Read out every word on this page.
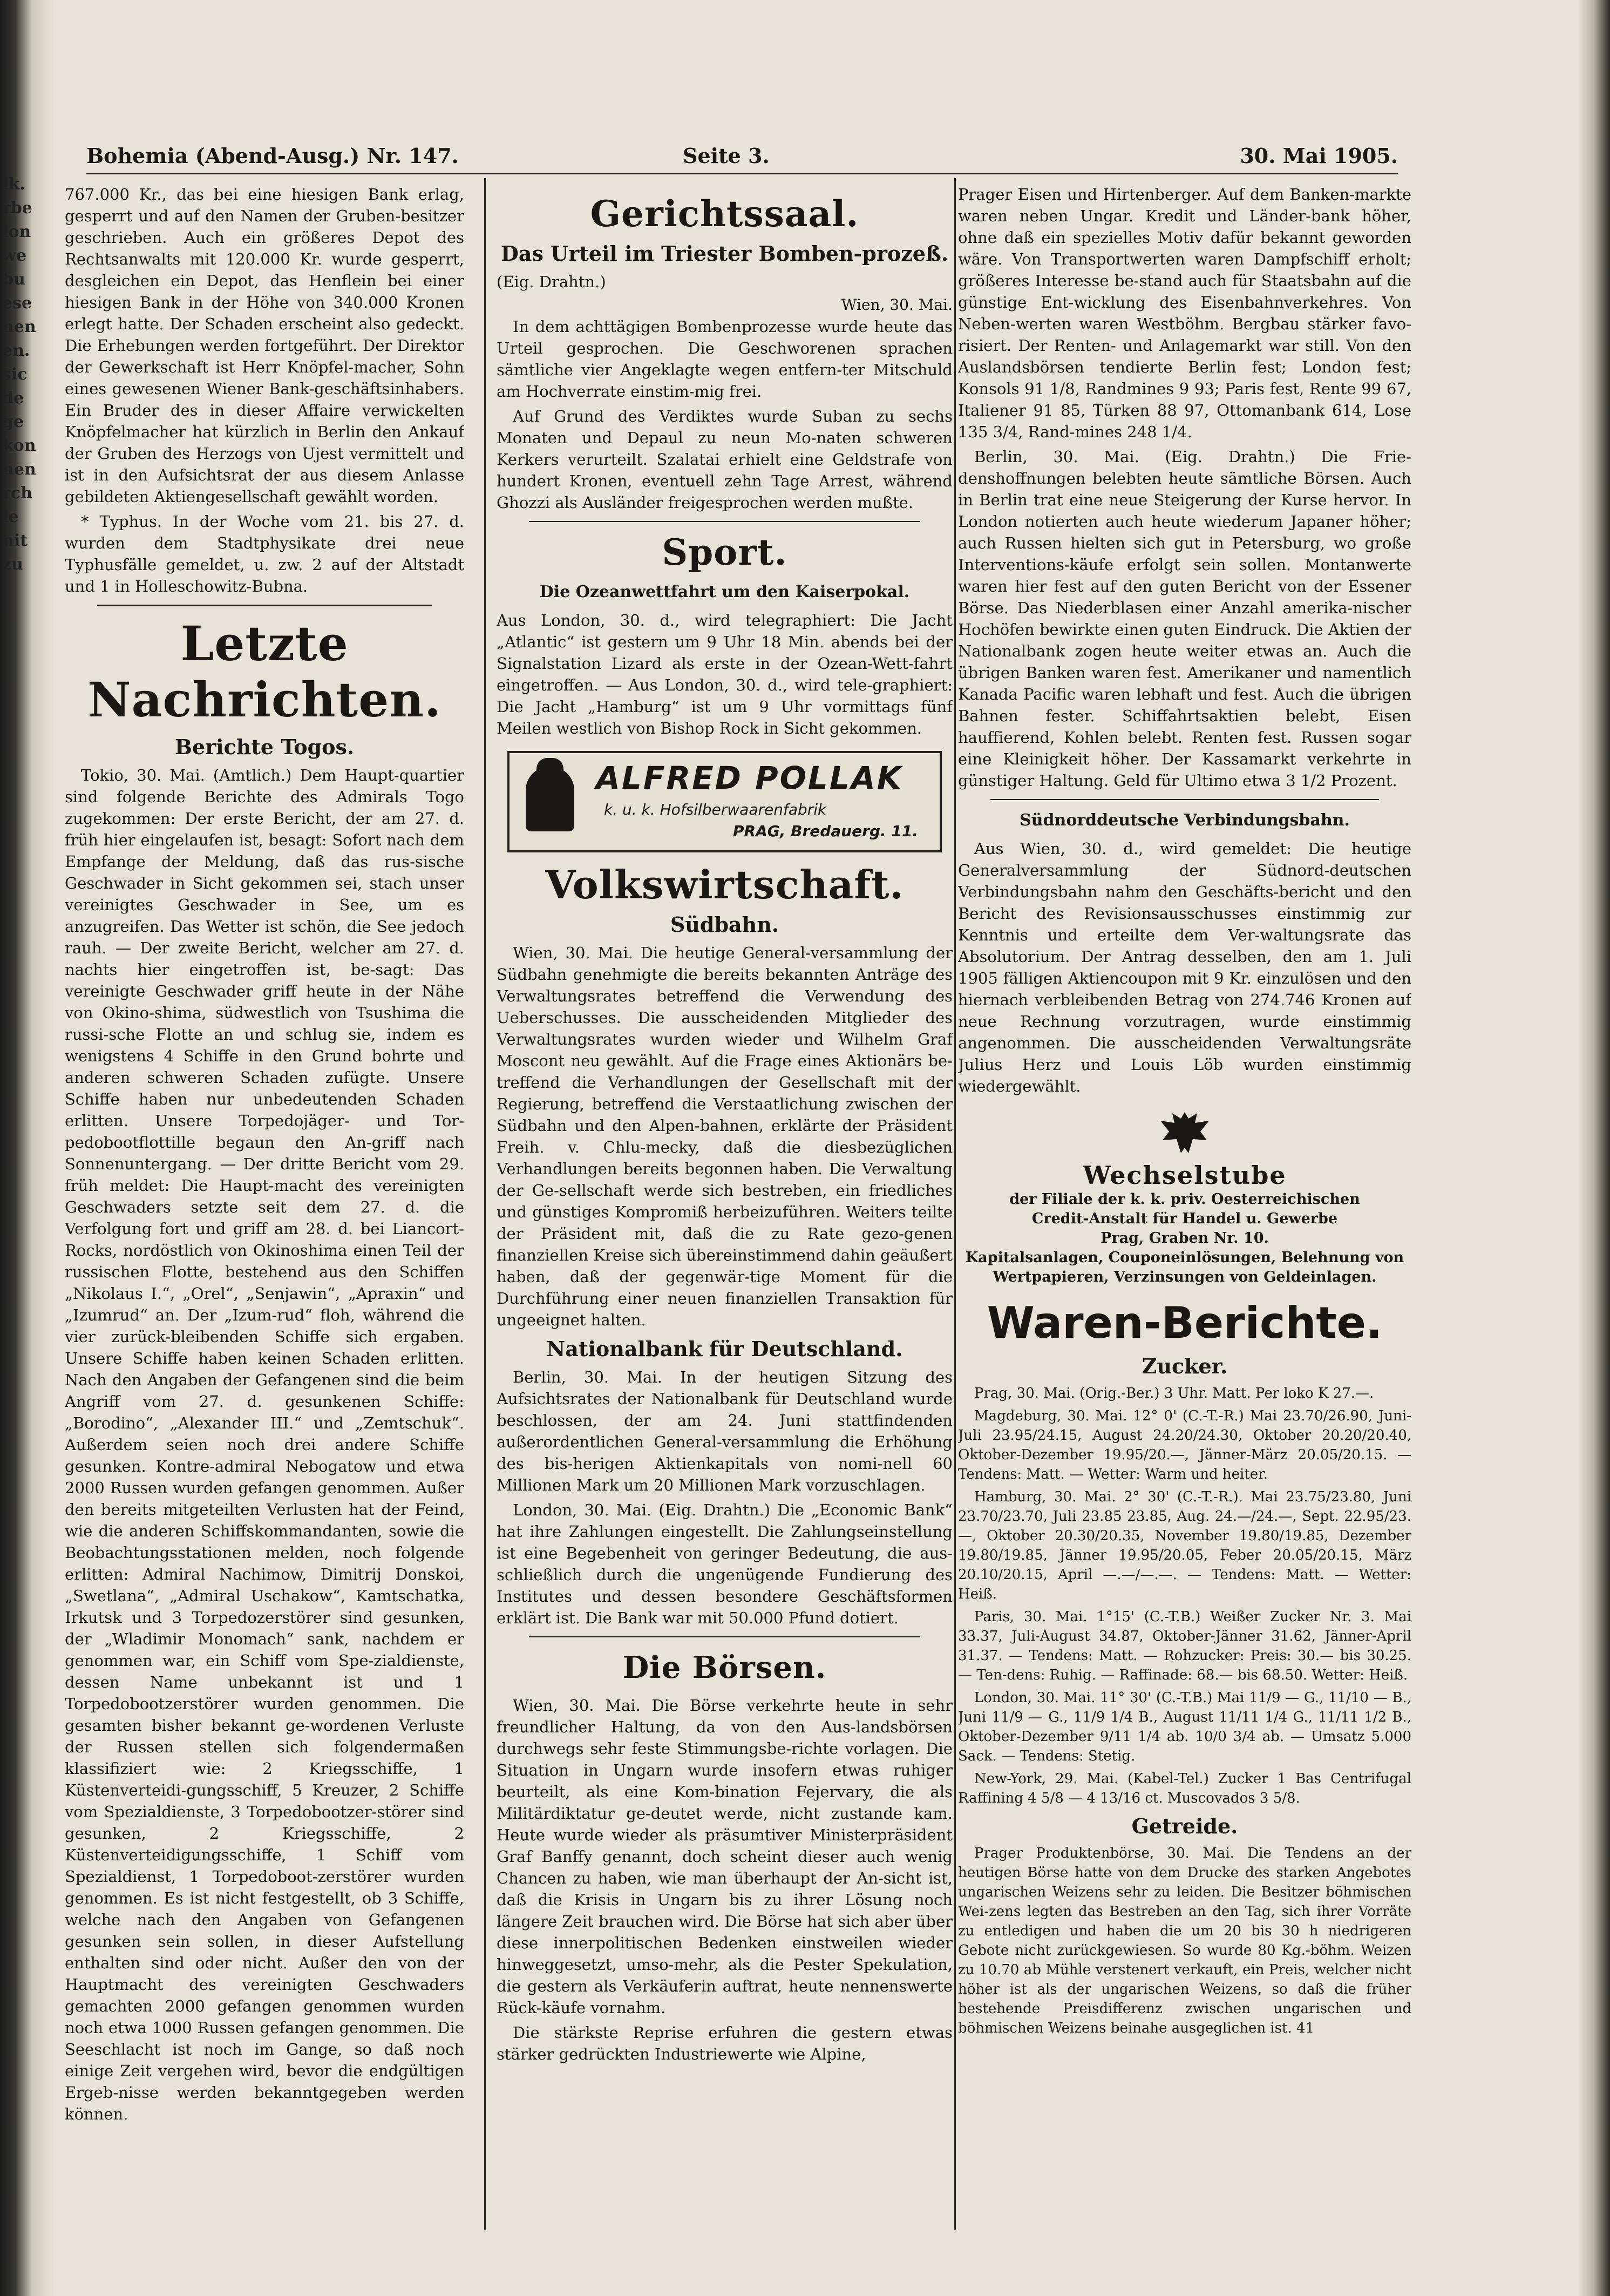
ik.
rbe
ion
we
bu
ese
nen
en.
sic
de
ge
kon
nen
rch
ie
nit
zu
Bohemia (Abend-Ausg.) Nr. 147.	Seite 3.	30. Mai 1905.

767.000 Kr., das bei eine hiesigen Bank erlag, gesperrt und auf den Namen der Gruben-besitzer geschrieben. Auch ein größeres Depot des Rechtsanwalts mit 120.000 Kr. wurde gesperrt, desgleichen ein Depot, das Henflein bei einer hiesigen Bank in der Höhe von 340.000 Kronen erlegt hatte. Der Schaden erscheint also gedeckt. Die Erhebungen werden fortgeführt. Der Direktor der Gewerkschaft ist Herr Knöpfel-macher, Sohn eines gewesenen Wiener Bank-geschäftsinhabers. Ein Bruder des in dieser Affaire verwickelten Knöpfelmacher hat kürzlich in Berlin den Ankauf der Gruben des Herzogs von Ujest vermittelt und ist in den Aufsichtsrat der aus diesem Anlasse gebildeten Aktiengesellschaft gewählt worden.

* Typhus. In der Woche vom 21. bis 27. d. wurden dem Stadtphysikate drei neue Typhusfälle gemeldet, u. zw. 2 auf der Altstadt und 1 in Holleschowitz-Bubna.

Letzte Nachrichten.
Berichte Togos.

Tokio, 30. Mai. (Amtlich.) Dem Haupt-quartier sind folgende Berichte des Admirals Togo zugekommen: Der erste Bericht, der am 27. d. früh hier eingelaufen ist, besagt: Sofort nach dem Empfange der Meldung, daß das rus-sische Geschwader in Sicht gekommen sei, stach unser vereinigtes Geschwader in See, um es anzugreifen. Das Wetter ist schön, die See jedoch rauh. — Der zweite Bericht, welcher am 27. d. nachts hier eingetroffen ist, be-sagt: Das vereinigte Geschwader griff heute in der Nähe von Okino-shima, südwestlich von Tsushima die russi-sche Flotte an und schlug sie, indem es wenigstens 4 Schiffe in den Grund bohrte und anderen schweren Schaden zufügte. Unsere Schiffe haben nur unbedeutenden Schaden erlitten. Unsere Torpedojäger- und Tor-pedobootflottille begaun den An-griff nach Sonnenuntergang. — Der dritte Bericht vom 29. früh meldet: Die Haupt-macht des vereinigten Geschwaders setzte seit dem 27. d. die Verfolgung fort und griff am 28. d. bei Liancort-Rocks, nordöstlich von Okinoshima einen Teil der russischen Flotte, bestehend aus den Schiffen „Nikolaus I.“, „Orel“, „Senjawin“, „Apraxin“ und „Izumrud“ an. Der „Izum-rud“ floh, während die vier zurück-bleibenden Schiffe sich ergaben. Unsere Schiffe haben keinen Schaden erlitten. Nach den Angaben der Gefangenen sind die beim Angriff vom 27. d. gesunkenen Schiffe: „Borodino“, „Alexander III.“ und „Zemtschuk“. Außerdem seien noch drei andere Schiffe gesunken. Kontre-admiral Nebogatow und etwa 2000 Russen wurden gefangen genommen. Außer den bereits mitgeteilten Verlusten hat der Feind, wie die anderen Schiffskommandanten, sowie die Beobachtungsstationen melden, noch folgende erlitten: Admiral Nachimow, Dimitrij Donskoi, „Swetlana“, „Admiral Uschakow“, Kamtschatka, Irkutsk und 3 Torpedozerstörer sind gesunken, der „Wladimir Monomach“ sank, nachdem er genommen war, ein Schiff vom Spe-zialdienste, dessen Name unbekannt ist und 1 Torpedobootzerstörer wurden genommen. Die gesamten bisher bekannt ge-wordenen Verluste der Russen stellen sich folgendermaßen klassifiziert wie: 2 Kriegsschiffe, 1 Küstenverteidi-gungsschiff, 5 Kreuzer, 2 Schiffe vom Spezialdienste, 3 Torpedobootzer-störer sind gesunken, 2 Kriegsschiffe, 2 Küstenverteidigungsschiffe, 1 Schiff vom Spezialdienst, 1 Torpedoboot-zerstörer wurden genommen. Es ist nicht festgestellt, ob 3 Schiffe, welche nach den Angaben von Gefangenen gesunken sein sollen, in dieser Aufstellung enthalten sind oder nicht. Außer den von der Hauptmacht des vereinigten Geschwaders gemachten 2000 gefangen genommen wurden noch etwa 1000 Russen gefangen genommen. Die Seeschlacht ist noch im Gange, so daß noch einige Zeit vergehen wird, bevor die endgültigen Ergeb-nisse werden bekanntgegeben werden können.

Gerichtssaal.
Das Urteil im Triester Bomben-prozeß.

(Eig. Drahtn.)

Wien, 30. Mai.

In dem achttägigen Bombenprozesse wurde heute das Urteil gesprochen. Die Geschworenen sprachen sämtliche vier Angeklagte wegen entfern-ter Mitschuld am Hochverrate einstim-mig frei.

Auf Grund des Verdiktes wurde Suban zu sechs Monaten und Depaul zu neun Mo-naten schweren Kerkers verurteilt. Szalatai erhielt eine Geldstrafe von hundert Kronen, eventuell zehn Tage Arrest, während Ghozzi als Ausländer freigesprochen werden mußte.

Sport.
Die Ozeanwettfahrt um den Kaiserpokal.

Aus London, 30. d., wird telegraphiert: Die Jacht „Atlantic“ ist gestern um 9 Uhr 18 Min. abends bei der Signalstation Lizard als erste in der Ozean-Wett-fahrt eingetroffen. — Aus London, 30. d., wird tele-graphiert: Die Jacht „Hamburg“ ist um 9 Uhr vormittags fünf Meilen westlich von Bishop Rock in Sicht gekommen.

ALFRED POLLAK
k. u. k. Hofsilberwaarenfabrik
PRAG, Bredauerg. 11.
Volkswirtschaft.
Südbahn.

Wien, 30. Mai. Die heutige General-versammlung der Südbahn genehmigte die bereits bekannten Anträge des Verwaltungsrates betreffend die Verwendung des Ueberschusses. Die ausscheidenden Mitglieder des Verwaltungsrates wurden wieder und Wilhelm Graf Moscont neu gewählt. Auf die Frage eines Aktionärs be-treffend die Verhandlungen der Gesellschaft mit der Regierung, betreffend die Verstaatlichung zwischen der Südbahn und den Alpen-bahnen, erklärte der Präsident Freih. v. Chlu-mecky, daß die diesbezüglichen Verhandlungen bereits begonnen haben. Die Verwaltung der Ge-sellschaft werde sich bestreben, ein friedliches und günstiges Kompromiß herbeizuführen. Weiters teilte der Präsident mit, daß die zu Rate gezo-genen finanziellen Kreise sich übereinstimmend dahin geäußert haben, daß der gegenwär-tige Moment für die Durchführung einer neuen finanziellen Transaktion für ungeeignet halten.

Nationalbank für Deutschland.

Berlin, 30. Mai. In der heutigen Sitzung des Aufsichtsrates der Nationalbank für Deutschland wurde beschlossen, der am 24. Juni stattfindenden außerordentlichen General-versammlung die Erhöhung des bis-herigen Aktienkapitals von nomi-nell 60 Millionen Mark um 20 Millionen Mark vorzuschlagen.

London, 30. Mai. (Eig. Drahtn.) Die „Economic Bank“ hat ihre Zahlungen eingestellt. Die Zahlungseinstellung ist eine Begebenheit von geringer Bedeutung, die aus-schließlich durch die ungenügende Fundierung des Institutes und dessen besondere Geschäftsformen erklärt ist. Die Bank war mit 50.000 Pfund dotiert.

Die Börsen.

Wien, 30. Mai. Die Börse verkehrte heute in sehr freundlicher Haltung, da von den Aus-landsbörsen durchwegs sehr feste Stimmungsbe-richte vorlagen. Die Situation in Ungarn wurde insofern etwas ruhiger beurteilt, als eine Kom-bination Fejervary, die als Militärdiktatur ge-deutet werde, nicht zustande kam. Heute wurde wieder als präsumtiver Ministerpräsident Graf Banffy genannt, doch scheint dieser auch wenig Chancen zu haben, wie man überhaupt der An-sicht ist, daß die Krisis in Ungarn bis zu ihrer Lösung noch längere Zeit brauchen wird. Die Börse hat sich aber über diese innerpolitischen Bedenken einstweilen wieder hinweggesetzt, umso-mehr, als die Pester Spekulation, die gestern als Verkäuferin auftrat, heute nennenswerte Rück-käufe vornahm.

Die stärkste Reprise erfuhren die gestern etwas stärker gedrückten Industriewerte wie Alpine,

Prager Eisen und Hirtenberger. Auf dem Banken-markte waren neben Ungar. Kredit und Länder-bank höher, ohne daß ein spezielles Motiv dafür bekannt geworden wäre. Von Transportwerten waren Dampfschiff erholt; größeres Interesse be-stand auch für Staatsbahn auf die günstige Ent-wicklung des Eisenbahnverkehres. Von Neben-werten waren Westböhm. Bergbau stärker favo-risiert. Der Renten- und Anlagemarkt war still. Von den Auslandsbörsen tendierte Berlin fest; London fest; Konsols 91 1/8, Randmines 9 93; Paris fest, Rente 99 67, Italiener 91 85, Türken 88 97, Ottomanbank 614, Lose 135 3/4, Rand-mines 248 1/4.

Berlin, 30. Mai. (Eig. Drahtn.) Die Frie-denshoffnungen belebten heute sämtliche Börsen. Auch in Berlin trat eine neue Steigerung der Kurse hervor. In London notierten auch heute wiederum Japaner höher; auch Russen hielten sich gut in Petersburg, wo große Interventions-käufe erfolgt sein sollen. Montanwerte waren hier fest auf den guten Bericht von der Essener Börse. Das Niederblasen einer Anzahl amerika-nischer Hochöfen bewirkte einen guten Eindruck. Die Aktien der Nationalbank zogen heute weiter etwas an. Auch die übrigen Banken waren fest. Amerikaner und namentlich Kanada Pacific waren lebhaft und fest. Auch die übrigen Bahnen fester. Schiffahrtsaktien belebt, Eisen hauffierend, Kohlen belebt. Renten fest. Russen sogar eine Kleinigkeit höher. Der Kassamarkt verkehrte in günstiger Haltung. Geld für Ultimo etwa 3 1/2 Prozent.

Südnorddeutsche Verbindungsbahn.

Aus Wien, 30. d., wird gemeldet: Die heutige Generalversammlung der Südnord-deutschen Verbindungsbahn nahm den Geschäfts-bericht und den Bericht des Revisionsausschusses einstimmig zur Kenntnis und erteilte dem Ver-waltungsrate das Absolutorium. Der Antrag desselben, den am 1. Juli 1905 fälligen Aktiencoupon mit 9 Kr. einzulösen und den hiernach verbleibenden Betrag von 274.746 Kronen auf neue Rechnung vorzutragen, wurde einstimmig angenommen. Die ausscheidenden Verwaltungsräte Julius Herz und Louis Löb wurden einstimmig wiedergewählt.

Wechselstube

der Filiale der k. k. priv. Oesterreichischen

Credit-Anstalt für Handel u. Gewerbe

Prag, Graben Nr. 10.

Kapitalsanlagen, Couponeinlösungen, Belehnung von

Wertpapieren, Verzinsungen von Geldeinlagen.

Waren-Berichte.
Zucker.

Prag, 30. Mai. (Orig.-Ber.) 3 Uhr. Matt. Per loko K 27.—.

Magdeburg, 30. Mai. 12° 0' (C.-T.-R.) Mai 23.70/26.90, Juni-Juli 23.95/24.15, August 24.20/24.30, Oktober 20.20/20.40, Oktober-Dezember 19.95/20.—, Jänner-März 20.05/20.15. — Tendens: Matt. — Wetter: Warm und heiter.

Hamburg, 30. Mai. 2° 30' (C.-T.-R.). Mai 23.75/23.80, Juni 23.70/23.70, Juli 23.85 23.85, Aug. 24.—/24.—, Sept. 22.95/23.—, Oktober 20.30/20.35, November 19.80/19.85, Dezember 19.80/19.85, Jänner 19.95/20.05, Feber 20.05/20.15, März 20.10/20.15, April —.—/—.—. — Tendens: Matt. — Wetter: Heiß.

Paris, 30. Mai. 1°15' (C.-T.B.) Weißer Zucker Nr. 3. Mai 33.37, Juli-August 34.87, Oktober-Jänner 31.62, Jänner-April 31.37. — Tendens: Matt. — Rohzucker: Preis: 30.— bis 30.25. — Ten-dens: Ruhig. — Raffinade: 68.— bis 68.50. Wetter: Heiß.

London, 30. Mai. 11° 30' (C.-T.B.) Mai 11/9 — G., 11/10 — B., Juni 11/9 — G., 11/9 1/4 B., August 11/11 1/4 G., 11/11 1/2 B., Oktober-Dezember 9/11 1/4 ab. 10/0 3/4 ab. — Umsatz 5.000 Sack. — Tendens: Stetig.

New-York, 29. Mai. (Kabel-Tel.) Zucker 1 Bas Centrifugal Raffining 4 5/8 — 4 13/16 ct. Muscovados 3 5/8.

Getreide.

Prager Produktenbörse, 30. Mai. Die Tendens an der heutigen Börse hatte von dem Drucke des starken Angebotes ungarischen Weizens sehr zu leiden. Die Besitzer böhmischen Wei-zens legten das Bestreben an den Tag, sich ihrer Vorräte zu entledigen und haben die um 20 bis 30 h niedrigeren Gebote nicht zurückgewiesen. So wurde 80 Kg.-böhm. Weizen zu 10.70 ab Mühle verstenert verkauft, ein Preis, welcher nicht höher ist als der ungarischen Weizens, so daß die früher bestehende Preisdifferenz zwischen ungarischen und böhmischen Weizens beinahe ausgeglichen ist. 41
